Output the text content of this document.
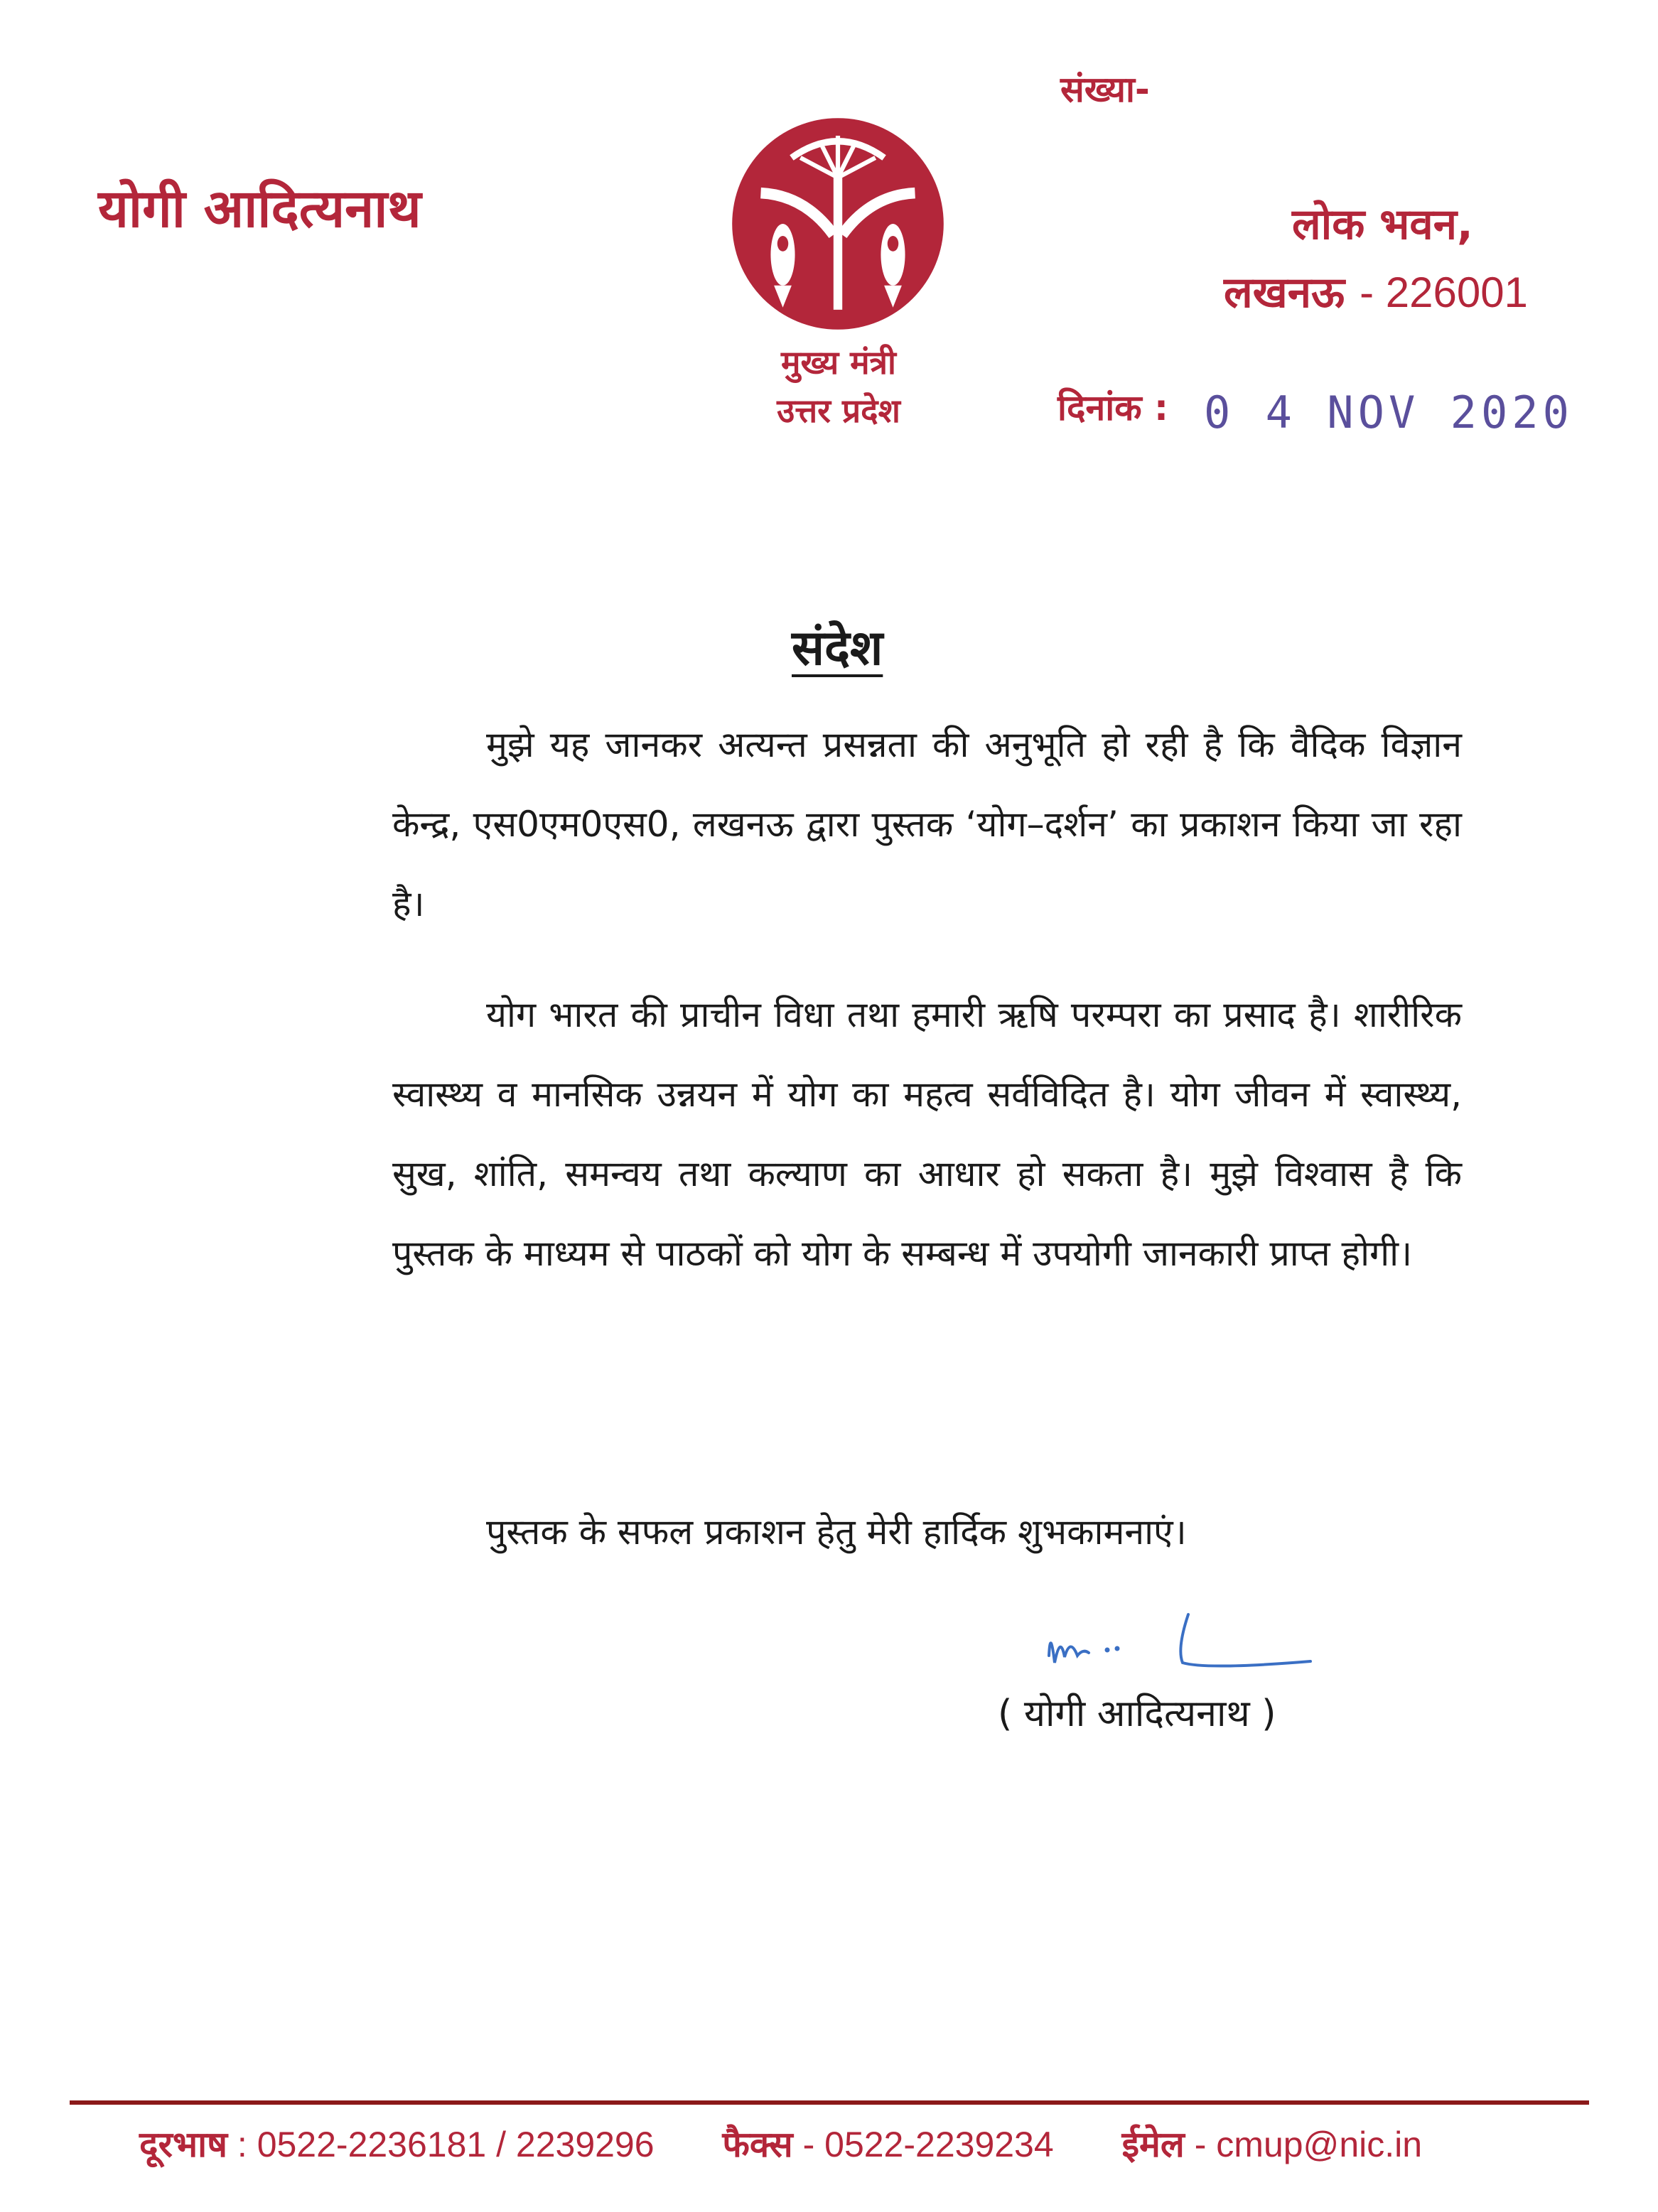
योगी आदित्यनाथ
संख्या-
मुख्य मंत्री
उत्तर प्रदेश
लोक भवन,
लखनऊ - 226001
दिनांक : 0 4 NOV 2020
संदेश

मुझे यह जानकर अत्यन्त प्रसन्नता की अनुभूति हो रही है कि वैदिक विज्ञान केन्द्र, एस0एम0एस0, लखनऊ द्वारा पुस्तक ‘योग–दर्शन’ का प्रकाशन किया जा रहा है।

योग भारत की प्राचीन विधा तथा हमारी ऋषि परम्परा का प्रसाद है। शारीरिक स्वास्थ्य व मानसिक उन्नयन में योग का महत्व सर्वविदित है। योग जीवन में स्वास्थ्य, सुख, शांति, समन्वय तथा कल्याण का आधार हो सकता है। मुझे विश्वास है कि पुस्तक के माध्यम से पाठकों को योग के सम्बन्ध में उपयोगी जानकारी प्राप्त होगी।

पुस्तक के सफल प्रकाशन हेतु मेरी हार्दिक शुभकामनाएं।

( योगी आदित्यनाथ )
दूरभाष : 0522-2236181 / 2239296 फैक्स - 0522-2239234 ईमेल - cmup@nic.in
